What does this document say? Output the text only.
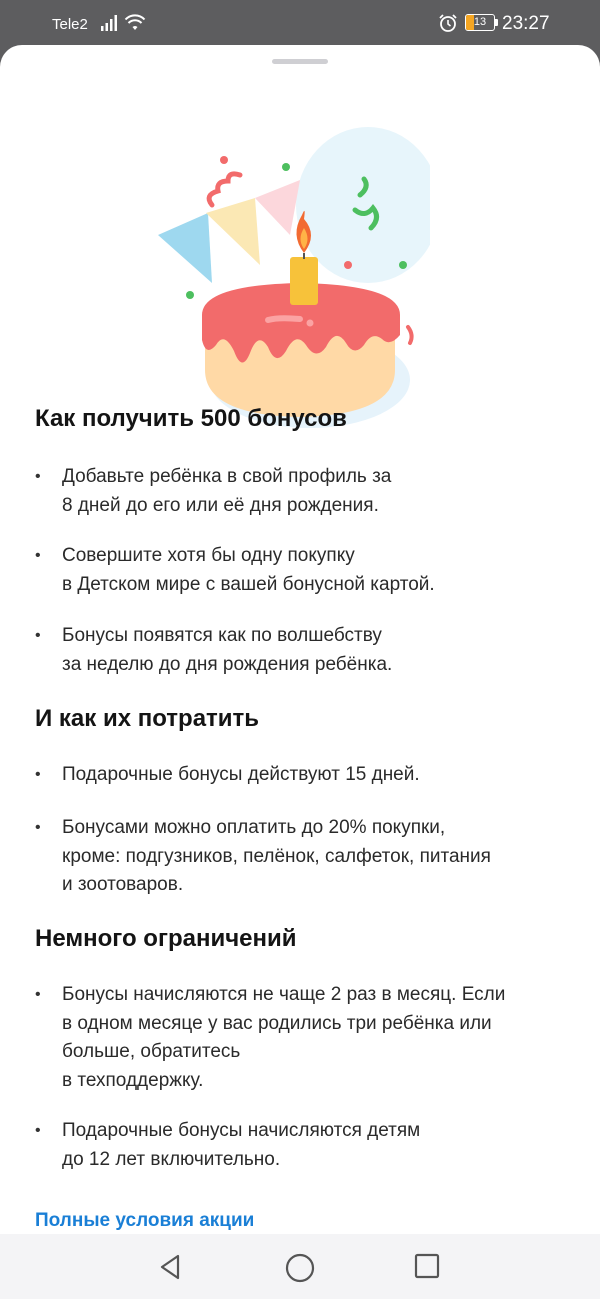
Tele2	13 23:27
Как получить 500 бонусов
• Добавьте ребёнка в свой профиль за
8 дней до его или её дня рождения.
• Совершите хотя бы одну покупку
в Детском мире с вашей бонусной картой.
• Бонусы появятся как по волшебству
за неделю до дня рождения ребёнка.
И как их потратить
• Подарочные бонусы действуют 15 дней.
• Бонусами можно оплатить до 20% покупки,
кроме: подгузников, пелёнок, салфеток, питания
и зоотоваров.
Немного ограничений
• Бонусы начисляются не чаще 2 раз в месяц. Если
в одном месяце у вас родились три ребёнка или
больше, обратитесь
в техподдержку.
• Подарочные бонусы начисляются детям
до 12 лет включительно.
Полные условия акции
